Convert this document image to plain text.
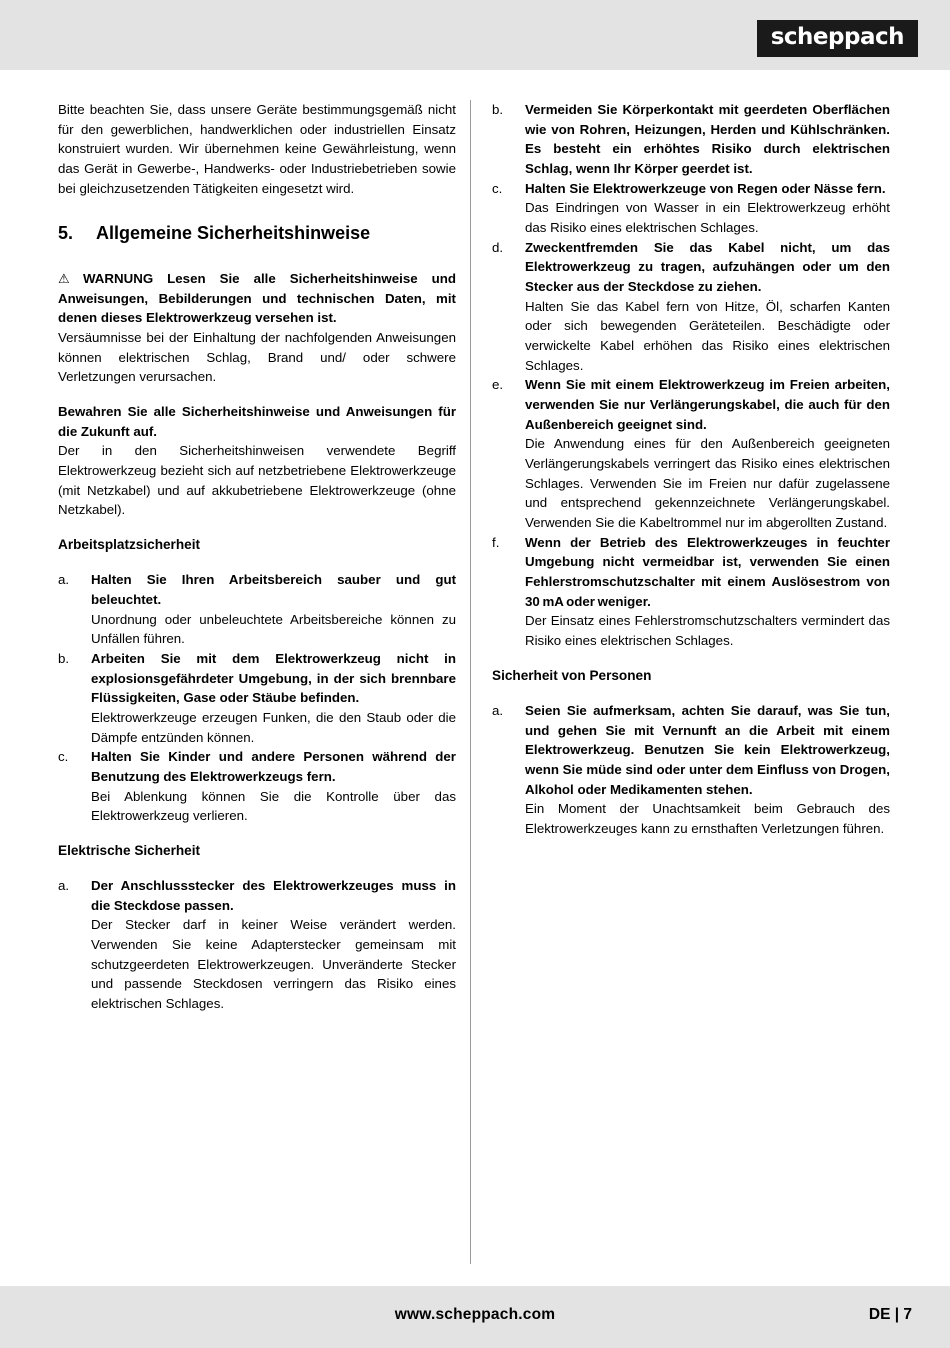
scheppach

Bitte beachten Sie, dass unsere Geräte bestimmungsgemäß nicht für den gewerblichen, handwerklichen oder industriellen Einsatz konstruiert wurden. Wir übernehmen keine Gewährleistung, wenn das Gerät in Gewerbe-, Handwerks- oder Industriebetrieben sowie bei gleichzusetzenden Tätigkeiten eingesetzt wird.

5.	Allgemeine Sicherheitshinweise

⚠ WARNUNG Lesen Sie alle Sicherheitshinweise und Anweisungen, Bebilderungen und technischen Daten, mit denen dieses Elektrowerkzeug versehen ist.

Versäumnisse bei der Einhaltung der nachfolgenden Anweisungen können elektrischen Schlag, Brand und/ oder schwere Verletzungen verursachen.

Bewahren Sie alle Sicherheitshinweise und Anweisungen für die Zukunft auf.

Der in den Sicherheitshinweisen verwendete Begriff Elektrowerkzeug bezieht sich auf netzbetriebene Elektrowerkzeuge (mit Netzkabel) und auf akkubetriebene Elektrowerkzeuge (ohne Netzkabel).

Arbeitsplatzsicherheit
a.	Halten Sie Ihren Arbeitsbereich sauber und gut beleuchtet.
Unordnung oder unbeleuchtete Arbeitsbereiche können zu Unfällen führen.
b.	Arbeiten Sie mit dem Elektrowerkzeug nicht in explosionsgefährdeter Umgebung, in der sich brennbare Flüssigkeiten, Gase oder Stäube befinden.
Elektrowerkzeuge erzeugen Funken, die den Staub oder die Dämpfe entzünden können.
c.	Halten Sie Kinder und andere Personen während der Benutzung des Elektrowerkzeugs fern.
Bei Ablenkung können Sie die Kontrolle über das Elektrowerkzeug verlieren.
Elektrische Sicherheit
a.	Der Anschlussstecker des Elektrowerkzeuges muss in die Steckdose passen.
Der Stecker darf in keiner Weise verändert werden. Verwenden Sie keine Adapterstecker gemeinsam mit schutzgeerdeten Elektrowerkzeugen. Unveränderte Stecker und passende Steckdosen verringern das Risiko eines elektrischen Schlages.
b.	Vermeiden Sie Körperkontakt mit geerdeten Oberflächen wie von Rohren, Heizungen, Herden und Kühlschränken. Es besteht ein erhöhtes Risiko durch elektrischen Schlag, wenn Ihr Körper geerdet ist.
c.	Halten Sie Elektrowerkzeuge von Regen oder Nässe fern.
Das Eindringen von Wasser in ein Elektrowerkzeug erhöht das Risiko eines elektrischen Schlages.
d.	Zweckentfremden Sie das Kabel nicht, um das Elektrowerkzeug zu tragen, aufzuhängen oder um den Stecker aus der Steckdose zu ziehen.
Halten Sie das Kabel fern von Hitze, Öl, scharfen Kanten oder sich bewegenden Geräteteilen. Beschädigte oder verwickelte Kabel erhöhen das Risiko eines elektrischen Schlages.
e.	Wenn Sie mit einem Elektrowerkzeug im Freien arbeiten, verwenden Sie nur Verlängerungskabel, die auch für den Außenbereich geeignet sind.
Die Anwendung eines für den Außenbereich geeigneten Verlängerungskabels verringert das Risiko eines elektrischen Schlages. Verwenden Sie im Freien nur dafür zugelassene und entsprechend gekennzeichnete Verlängerungskabel. Verwenden Sie die Kabeltrommel nur im abgerollten Zustand.
f.	Wenn der Betrieb des Elektrowerkzeuges in feuchter Umgebung nicht vermeidbar ist, verwenden Sie einen Fehlerstromschutzschalter mit einem Auslösestrom von 30 mA oder weniger.
Der Einsatz eines Fehlerstromschutzschalters vermindert das Risiko eines elektrischen Schlages.
Sicherheit von Personen
a.	Seien Sie aufmerksam, achten Sie darauf, was Sie tun, und gehen Sie mit Vernunft an die Arbeit mit einem Elektrowerkzeug. Benutzen Sie kein Elektrowerkzeug, wenn Sie müde sind oder unter dem Einfluss von Drogen, Alkohol oder Medikamenten stehen.
Ein Moment der Unachtsamkeit beim Gebrauch des Elektrowerkzeuges kann zu ernsthaften Verletzungen führen.
www.scheppach.com	DE | 7
